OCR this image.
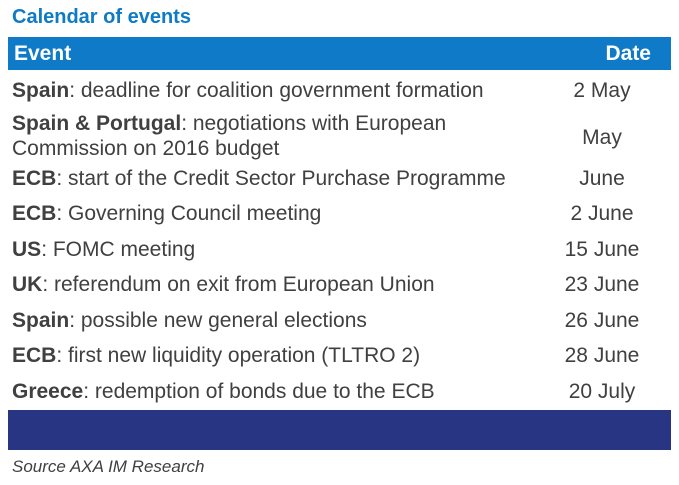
Calendar of events
Event	Date
Spain: deadline for coalition government formation	2 May
Spain & Portugal: negotiations with European Commission on 2016 budget	May
ECB: start of the Credit Sector Purchase Programme	June
ECB: Governing Council meeting	2 June
US: FOMC meeting	15 June
UK: referendum on exit from European Union	23 June
Spain: possible new general elections	26 June
ECB: first new liquidity operation (TLTRO 2)	28 June
Greece: redemption of bonds due to the ECB	20 July
Source AXA IM Research
